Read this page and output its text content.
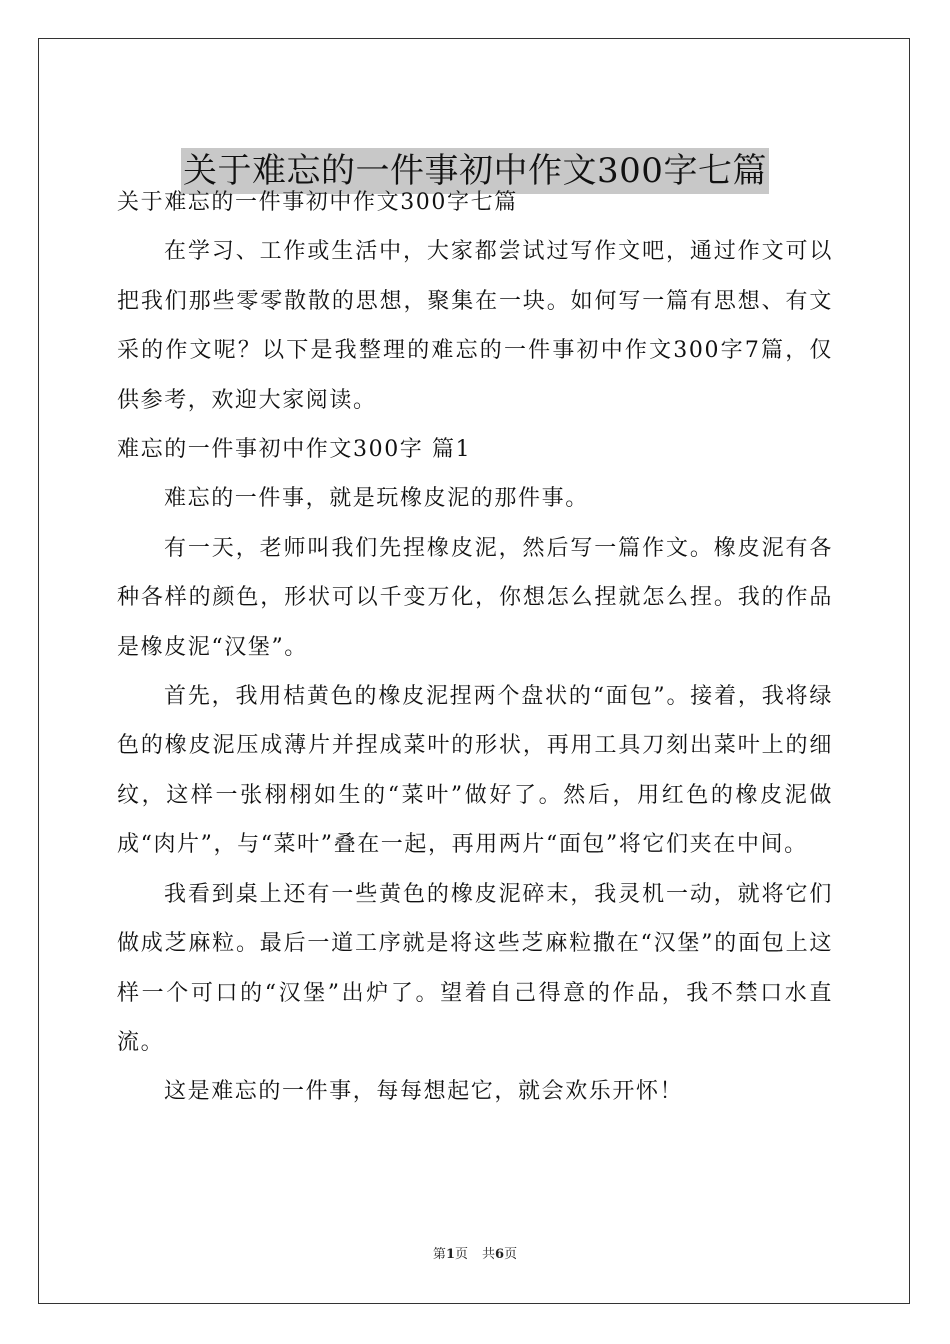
关于难忘的一件事初中作文300字七篇

关于难忘的一件事初中作文300字七篇

在学习、工作或生活中，大家都尝试过写作文吧，通过作文可以把我们那些零零散散的思想，聚集在一块。如何写一篇有思想、有文采的作文呢？以下是我整理的难忘的一件事初中作文300字7篇，仅供参考，欢迎大家阅读。

难忘的一件事初中作文300字 篇1

难忘的一件事，就是玩橡皮泥的那件事。

有一天，老师叫我们先捏橡皮泥，然后写一篇作文。橡皮泥有各种各样的颜色，形状可以千变万化，你想怎么捏就怎么捏。我的作品是橡皮泥“汉堡”。

首先，我用桔黄色的橡皮泥捏两个盘状的“面包”。接着，我将绿色的橡皮泥压成薄片并捏成菜叶的形状，再用工具刀刻出菜叶上的细纹，这样一张栩栩如生的“菜叶”做好了。然后，用红色的橡皮泥做成“肉片”，与“菜叶”叠在一起，再用两片“面包”将它们夹在中间。

我看到桌上还有一些黄色的橡皮泥碎末，我灵机一动，就将它们做成芝麻粒。最后一道工序就是将这些芝麻粒撒在“汉堡”的面包上这样一个可口的“汉堡”出炉了。望着自己得意的作品，我不禁口水直流。

这是难忘的一件事，每每想起它，就会欢乐开怀！

第1页 共6页
